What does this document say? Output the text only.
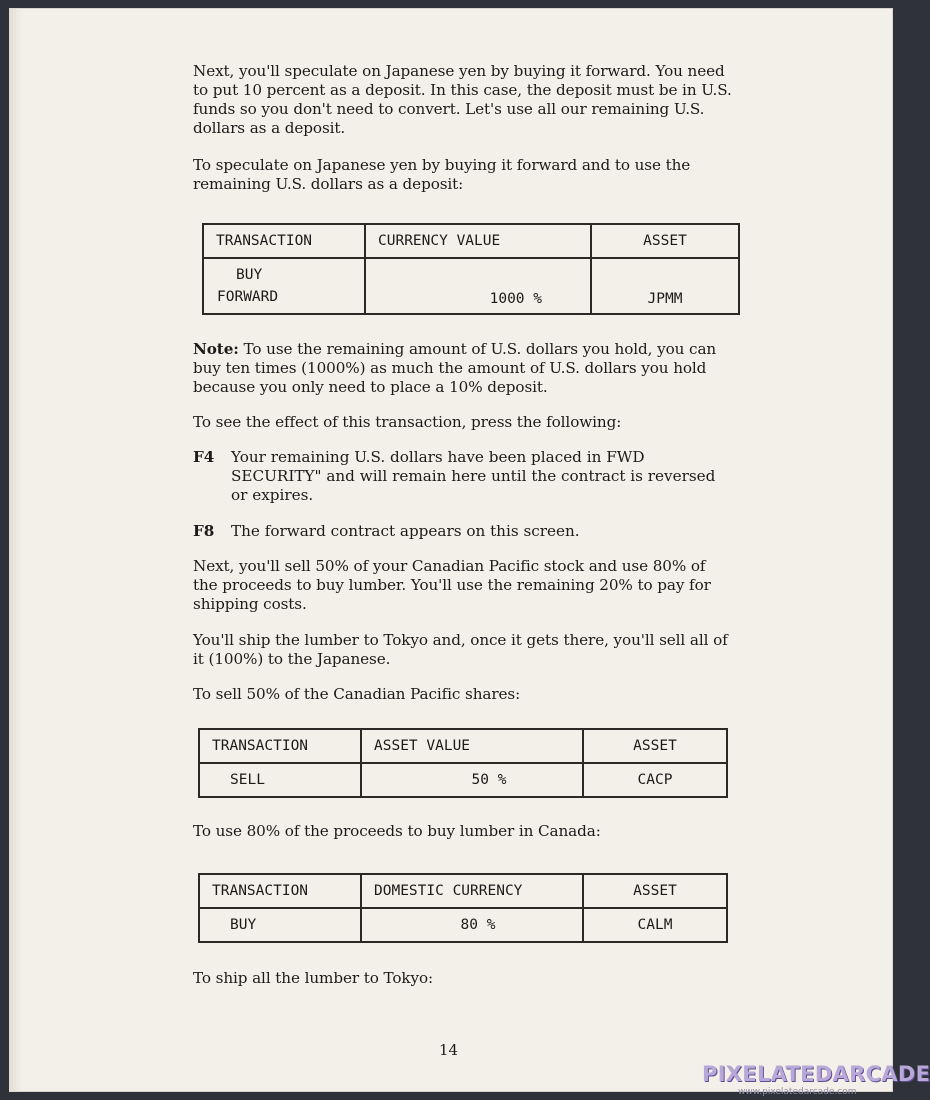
Next, you'll speculate on Japanese yen by buying it forward. You need to put 10 percent as a deposit. In this case, the deposit must be in U.S. funds so you don't need to convert. Let's use all our remaining U.S. dollars as a deposit.

To speculate on Japanese yen by buying it forward and to use the remaining U.S. dollars as a deposit:

TRANSACTION	CURRENCY VALUE	ASSET

BUY
FORWARD	1000 %	JPMM

Note: To use the remaining amount of U.S. dollars you hold, you can buy ten times (1000%) as much the amount of U.S. dollars you hold because you only need to place a 10% deposit.

To see the effect of this transaction, press the following:

F4 Your remaining U.S. dollars have been placed in FWD SECURITY" and will remain here until the contract is reversed or expires.
F8 The forward contract appears on this screen.

Next, you'll sell 50% of your Canadian Pacific stock and use 80% of the proceeds to buy lumber. You'll use the remaining 20% to pay for shipping costs.

You'll ship the lumber to Tokyo and, once it gets there, you'll sell all of it (100%) to the Japanese.

To sell 50% of the Canadian Pacific shares:

TRANSACTION	ASSET VALUE	ASSET
SELL	50 %	CACP

To use 80% of the proceeds to buy lumber in Canada:

TRANSACTION	DOMESTIC CURRENCY	ASSET
BUY	80 %	CALM

To ship all the lumber to Tokyo:

14
PIXELATEDARCADE
www.pixelatedarcade.com
